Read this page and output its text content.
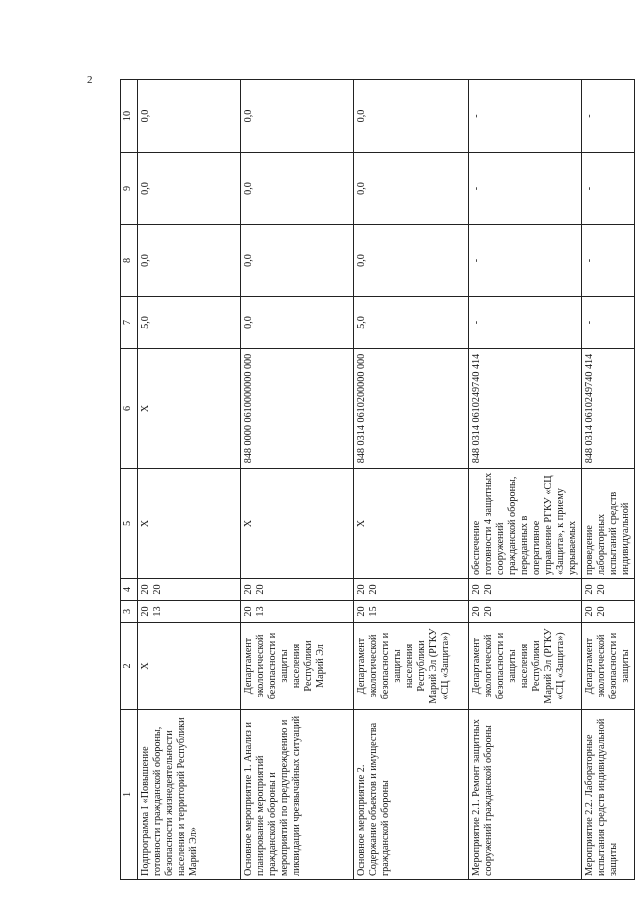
2
1	2	3	4	5	6	7	8	9	10
Подпрограмма I «Повышение готовности гражданской обороны, безопасности жизнедеятельности населения и территорий Республики Марий Эл»	X	2013	2020	X	X	5,0	0,0	0,0	0,0
Основное мероприятие 1. Анализ и планирование мероприятий гражданской обороны и мероприятий по предупреждению и ликвидации чрезвычайных ситуаций	Департамент экологической безопасности и защиты населения Республики Марий Эл	2013	2020	X	848 0000 0610000000 000	0,0	0,0	0,0	0,0
Основное мероприятие 2. Содержание объектов и имущества гражданской обороны	Департамент экологической безопасности и защиты населения Республики Марий Эл (РГКУ «СЦ «Защита»)	2015	2020	X	848 0314 0610200000 000	5,0	0,0	0,0	0,0
Мероприятие 2.1. Ремонт защитных сооружений гражданской обороны	Департамент экологической безопасности и защиты населения Республики Марий Эл (РГКУ «СЦ «Защита»)	2020	2020	обеспечение готовности 4 защитных сооружений гражданской обороны, переданных в оперативное управление РГКУ «СЦ «Защита», к приему укрываемых	848 0314 0610249740 414	-	-	-	-
Мероприятие 2.2. Лабораторные испытания средств индивидуальной защиты	Департамент экологической безопасности и защиты	2020	2020	проведение лабораторных испытаний средств индивидуальной	848 0314 0610249740 414	-	-	-	-
